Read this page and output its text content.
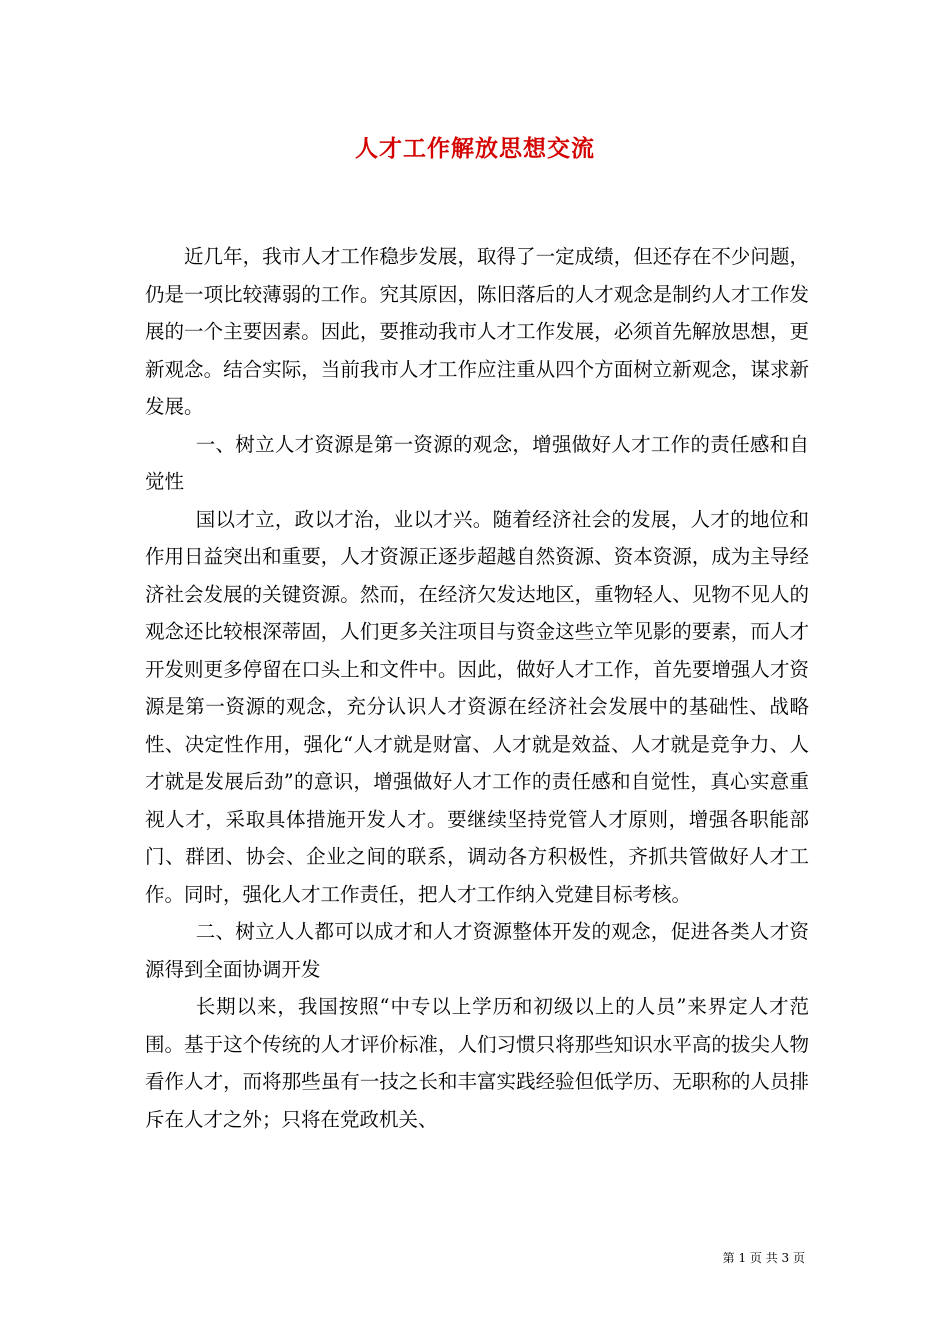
人才工作解放思想交流

近几年，我市人才工作稳步发展，取得了一定成绩，但还存在不少问题，仍是一项比较薄弱的工作。究其原因，陈旧落后的人才观念是制约人才工作发展的一个主要因素。因此，要推动我市人才工作发展，必须首先解放思想，更新观念。结合实际，当前我市人才工作应注重从四个方面树立新观念，谋求新发展。

一、树立人才资源是第一资源的观念，增强做好人才工作的责任感和自觉性

国以才立，政以才治，业以才兴。随着经济社会的发展，人才的地位和作用日益突出和重要，人才资源正逐步超越自然资源、资本资源，成为主导经济社会发展的关键资源。然而，在经济欠发达地区，重物轻人、见物不见人的观念还比较根深蒂固，人们更多关注项目与资金这些立竿见影的要素，而人才开发则更多停留在口头上和文件中。因此，做好人才工作，首先要增强人才资源是第一资源的观念，充分认识人才资源在经济社会发展中的基础性、战略性、决定性作用，强化“人才就是财富、人才就是效益、人才就是竞争力、人才就是发展后劲”的意识，增强做好人才工作的责任感和自觉性，真心实意重视人才，采取具体措施开发人才。要继续坚持党管人才原则，增强各职能部门、群团、协会、企业之间的联系，调动各方积极性，齐抓共管做好人才工作。同时，强化人才工作责任，把人才工作纳入党建目标考核。

二、树立人人都可以成才和人才资源整体开发的观念，促进各类人才资源得到全面协调开发

长期以来，我国按照“中专以上学历和初级以上的人员”来界定人才范围。基于这个传统的人才评价标准，人们习惯只将那些知识水平高的拔尖人物看作人才，而将那些虽有一技之长和丰富实践经验但低学历、无职称的人员排斥在人才之外；只将在党政机关、

第 1 页 共 3 页
